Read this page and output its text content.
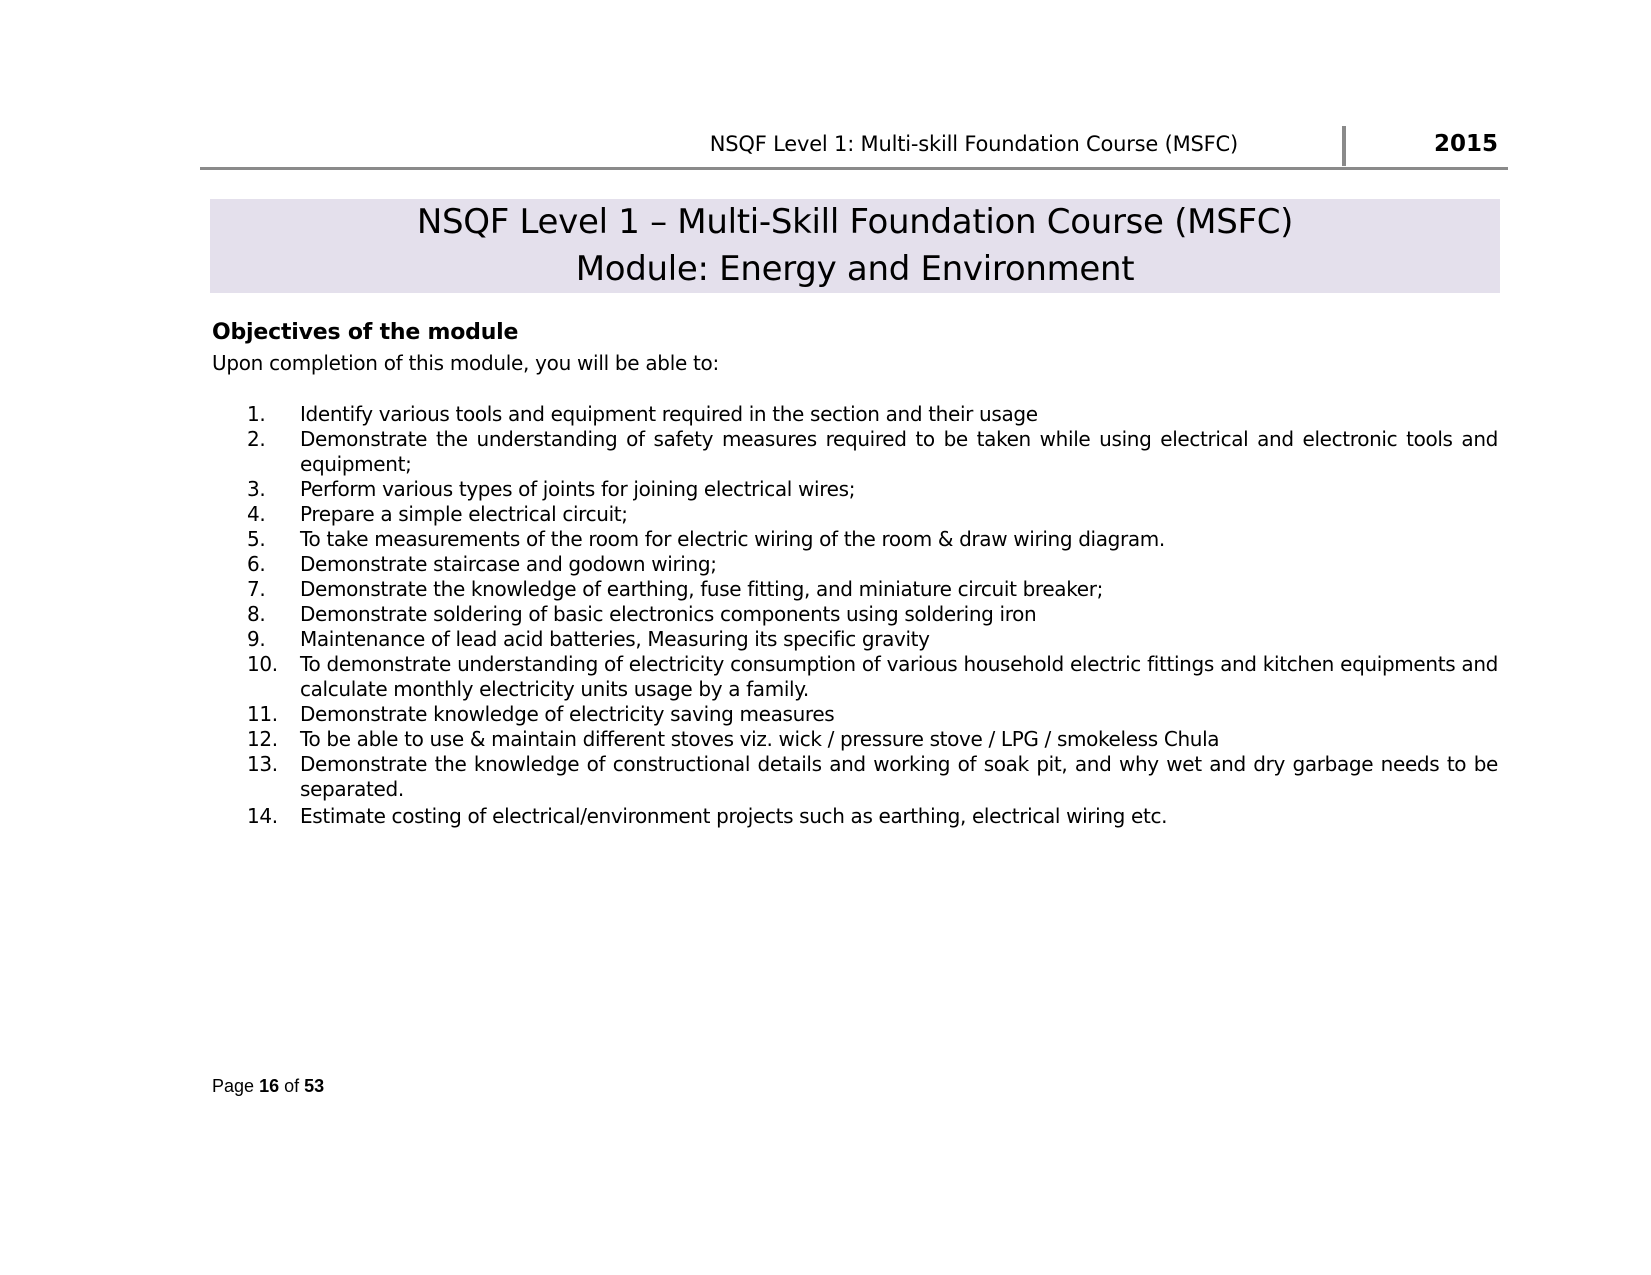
NSQF Level 1: Multi-skill Foundation Course (MSFC)	2015
NSQF Level 1 – Multi-Skill Foundation Course (MSFC)
Module: Energy and Environment
Objectives of the module
Upon completion of this module, you will be able to:
1.	Identify various tools and equipment required in the section and their usage
2.	Demonstrate the understanding of safety measures required to be taken while using electrical and electronic tools and equipment;
3.	Perform various types of joints for joining electrical wires;
4.	Prepare a simple electrical circuit;
5.	To take measurements of the room for electric wiring of the room & draw wiring diagram.
6.	Demonstrate staircase and godown wiring;
7.	Demonstrate the knowledge of earthing, fuse fitting, and miniature circuit breaker;
8.	Demonstrate soldering of basic electronics components using soldering iron
9.	Maintenance of lead acid batteries, Measuring its specific gravity
10.	To demonstrate understanding of electricity consumption of various household electric fittings and kitchen equipments and calculate monthly electricity units usage by a family.
11.	Demonstrate knowledge of electricity saving measures
12.	To be able to use & maintain different stoves viz. wick / pressure stove / LPG / smokeless Chula
13.	Demonstrate the knowledge of constructional details and working of soak pit, and why wet and dry garbage needs to be separated.
14.	Estimate costing of electrical/environment projects such as earthing, electrical wiring etc.
Page 16 of 53
